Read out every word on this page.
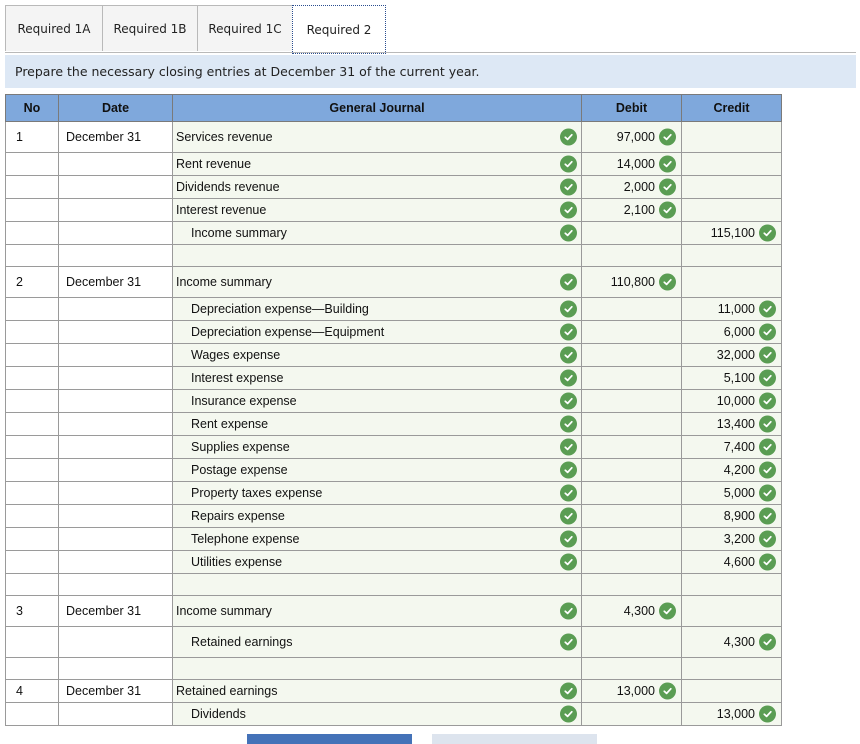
Required 1A	Required 1B	Required 1C	Required 2
Prepare the necessary closing entries at December 31 of the current year.
No	Date	General Journal	Debit	Credit
1	December 31	Services revenue	97,000	

		Rent revenue	14,000	

		Dividends revenue	2,000	

		Interest revenue	2,100	

		Income summary		115,100

2	December 31	Income summary	110,800	

		Depreciation expense—Building		11,000

		Depreciation expense—Equipment		6,000

		Wages expense		32,000

		Interest expense		5,100

		Insurance expense		10,000

		Rent expense		13,400

		Supplies expense		7,400

		Postage expense		4,200

		Property taxes expense		5,000

		Repairs expense		8,900

		Telephone expense		3,200

		Utilities expense		4,600

3	December 31	Income summary	4,300	

		Retained earnings		4,300

4	December 31	Retained earnings	13,000	

		Dividends		13,000
